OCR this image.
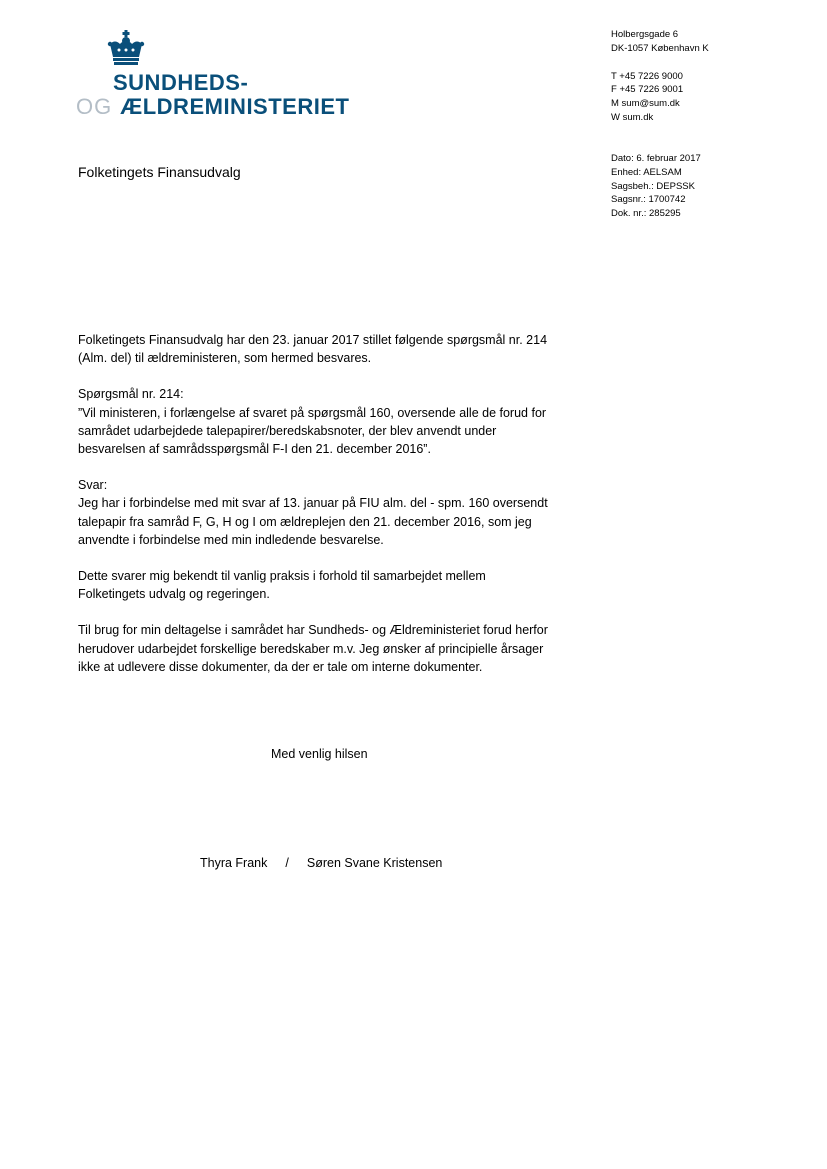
SUNDHEDS-
OG ÆLDREMINISTERIET
Holbergsgade 6
DK-1057 København K
T +45 7226 9000
F +45 7226 9001
M sum@sum.dk
W sum.dk
Dato: 6. februar 2017
Enhed: AELSAM
Sagsbeh.: DEPSSK
Sagsnr.: 1700742
Dok. nr.: 285295
Folketingets Finansudvalg

Folketingets Finansudvalg har den 23. januar 2017 stillet følgende spørgsmål nr. 214
(Alm. del) til ældreministeren, som hermed besvares.

Spørgsmål nr. 214:
”Vil ministeren, i forlængelse af svaret på spørgsmål 160, oversende alle de forud for
samrådet udarbejdede talepapirer/beredskabsnoter, der blev anvendt under
besvarelsen af samrådsspørgsmål F-I den 21. december 2016”.

Svar:
Jeg har i forbindelse med mit svar af 13. januar på FIU alm. del - spm. 160 oversendt
talepapir fra samråd F, G, H og I om ældreplejen den 21. december 2016, som jeg
anvendte i forbindelse med min indledende besvarelse.

Dette svarer mig bekendt til vanlig praksis i forhold til samarbejdet mellem
Folketingets udvalg og regeringen.

Til brug for min deltagelse i samrådet har Sundheds- og Ældreministeriet forud herfor
herudover udarbejdet forskellige beredskaber m.v. Jeg ønsker af principielle årsager
ikke at udlevere disse dokumenter, da der er tale om interne dokumenter.

Med venlig hilsen
Thyra Frank / Søren Svane Kristensen
